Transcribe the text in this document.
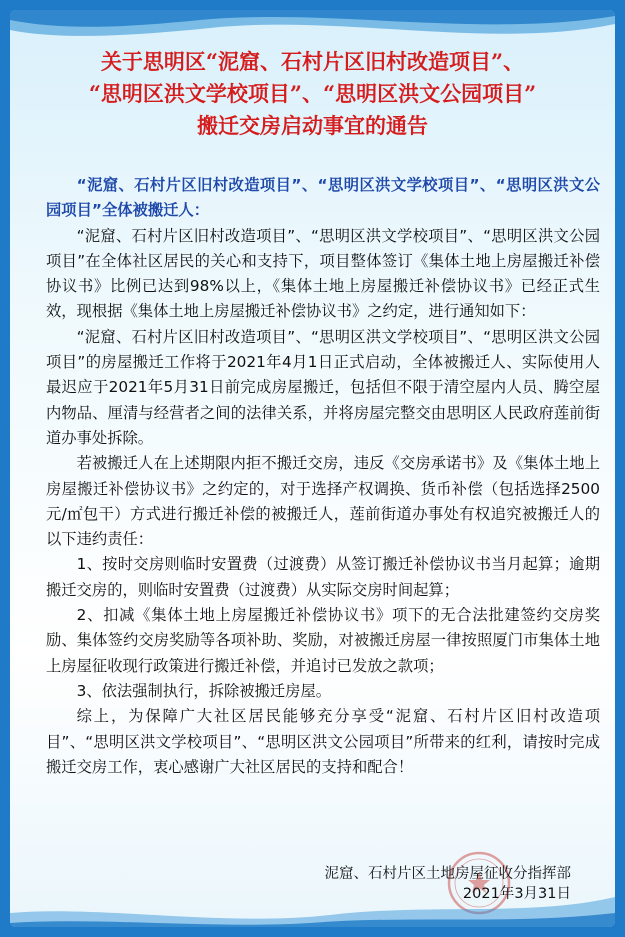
关于思明区“泥窟、石村片区旧村改造项目”、
“思明区洪文学校项目”、“思明区洪文公园项目”
搬迁交房启动事宜的通告

“泥窟、石村片区旧村改造项目”、“思明区洪文学校项目”、“思明区洪文公园项目”全体被搬迁人：

“泥窟、石村片区旧村改造项目”、“思明区洪文学校项目”、“思明区洪文公园项目”在全体社区居民的关心和支持下，项目整体签订《集体土地上房屋搬迁补偿协议书》比例已达到98%以上，《集体土地上房屋搬迁补偿协议书》已经正式生效，现根据《集体土地上房屋搬迁补偿协议书》之约定，进行通知如下：

“泥窟、石村片区旧村改造项目”、“思明区洪文学校项目”、“思明区洪文公园项目”的房屋搬迁工作将于2021年4月1日正式启动，全体被搬迁人、实际使用人最迟应于2021年5月31日前完成房屋搬迁，包括但不限于清空屋内人员、腾空屋内物品、厘清与经营者之间的法律关系，并将房屋完整交由思明区人民政府莲前街道办事处拆除。

若被搬迁人在上述期限内拒不搬迁交房，违反《交房承诺书》及《集体土地上房屋搬迁补偿协议书》之约定的，对于选择产权调换、货币补偿（包括选择2500元/㎡包干）方式进行搬迁补偿的被搬迁人，莲前街道办事处有权追究被搬迁人的以下违约责任：

1、按时交房则临时安置费（过渡费）从签订搬迁补偿协议书当月起算；逾期搬迁交房的，则临时安置费（过渡费）从实际交房时间起算；

2、扣减《集体土地上房屋搬迁补偿协议书》项下的无合法批建签约交房奖励、集体签约交房奖励等各项补助、奖励，对被搬迁房屋一律按照厦门市集体土地上房屋征收现行政策进行搬迁补偿，并追讨已发放之款项；

3、依法强制执行，拆除被搬迁房屋。

综上，为保障广大社区居民能够充分享受“泥窟、石村片区旧村改造项目”、“思明区洪文学校项目”、“思明区洪文公园项目”所带来的红利，请按时完成搬迁交房工作，衷心感谢广大社区居民的支持和配合！

泥窟、石村片区土地房屋征收分指挥部
2021年3月31日
